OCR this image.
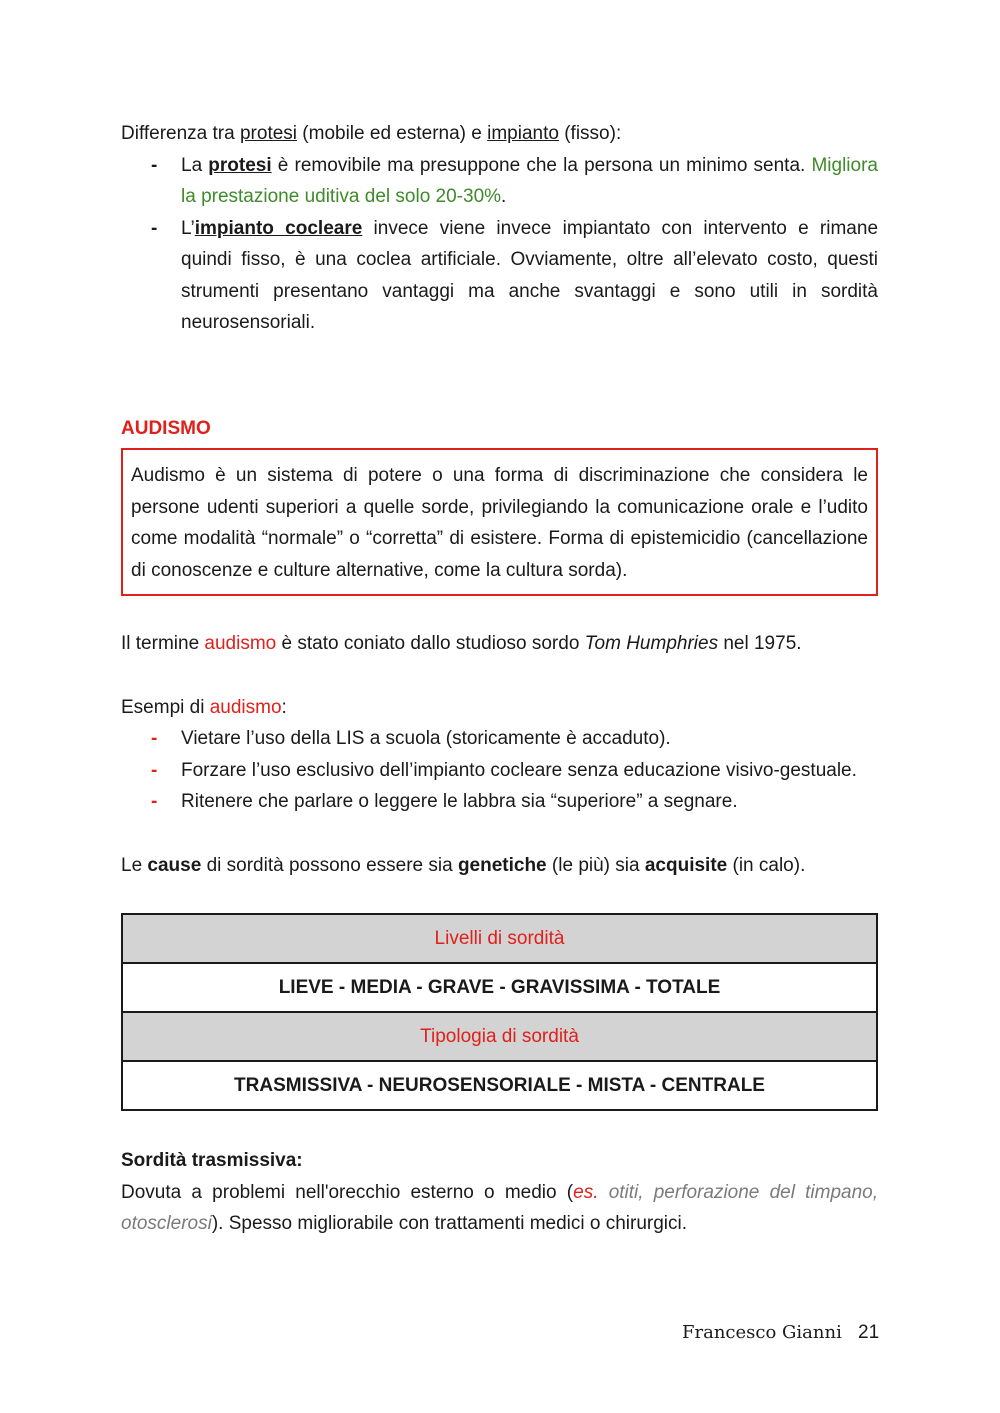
Differenza tra protesi (mobile ed esterna) e impianto (fisso):

- La protesi è removibile ma presuppone che la persona un minimo senta. Migliora la prestazione uditiva del solo 20-30%.
- L’impianto cocleare invece viene invece impiantato con intervento e rimane quindi fisso, è una coclea artificiale. Ovviamente, oltre all’elevato costo, questi strumenti presentano vantaggi ma anche svantaggi e sono utili in sordità neurosensoriali.

AUDISMO

Audismo è un sistema di potere o una forma di discriminazione che considera le persone udenti superiori a quelle sorde, privilegiando la comunicazione orale e l’udito come modalità “normale” o “corretta” di esistere. Forma di epistemicidio (cancellazione di conoscenze e culture alternative, come la cultura sorda).

Il termine audismo è stato coniato dallo studioso sordo Tom Humphries nel 1975.

Esempi di audismo:

- Vietare l’uso della LIS a scuola (storicamente è accaduto).
- Forzare l’uso esclusivo dell’impianto cocleare senza educazione visivo-gestuale.
- Ritenere che parlare o leggere le labbra sia “superiore” a segnare.

Le cause di sordità possono essere sia genetiche (le più) sia acquisite (in calo).

Livelli di sordità
LIEVE - MEDIA - GRAVE - GRAVISSIMA - TOTALE
Tipologia di sordità
TRASMISSIVA - NEUROSENSORIALE - MISTA - CENTRALE

Sordità trasmissiva:

Dovuta a problemi nell'orecchio esterno o medio (es. otiti, perforazione del timpano, otosclerosi). Spesso migliorabile con trattamenti medici o chirurgici.

Francesco Gianni 21
